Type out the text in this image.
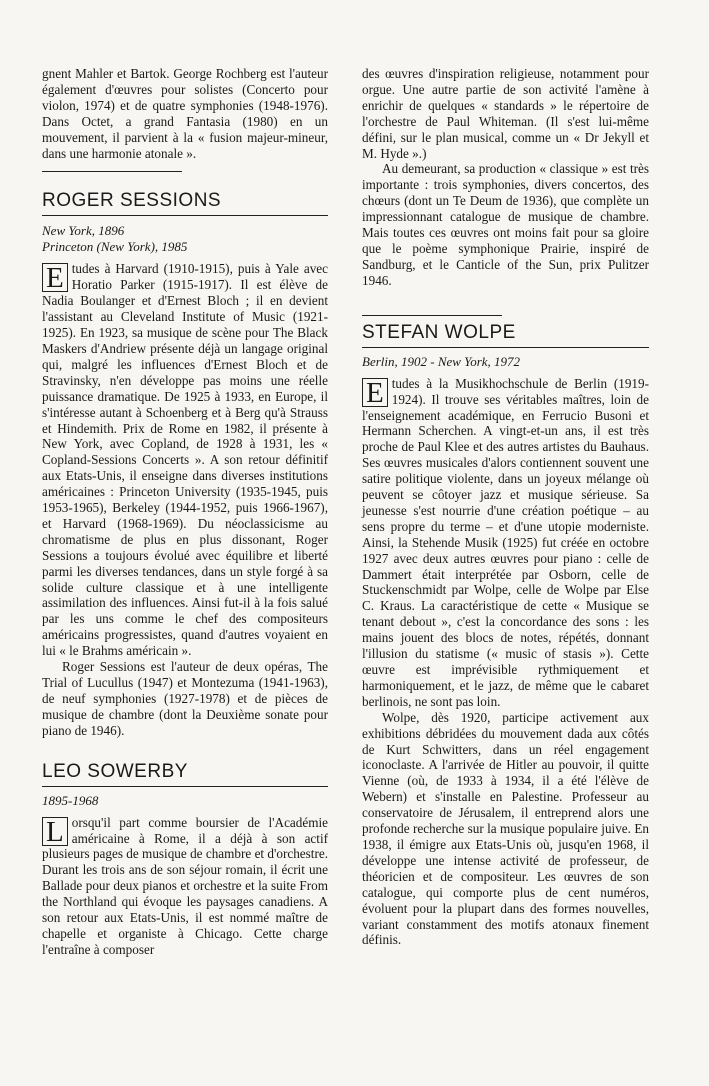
gnent Mahler et Bartok. George Rochberg est l'auteur également d'œuvres pour solistes (Concerto pour violon, 1974) et de quatre symphonies (1948-1976). Dans Octet, a grand Fantasia (1980) en un mouvement, il parvient à la « fusion majeur-mineur, dans une harmonie atonale ».

ROGER SESSIONS
New York, 1896
Princeton (New York), 1985

E tudes à Harvard (1910-1915), puis à Yale avec Horatio Parker (1915-1917). Il est élève de Nadia Boulanger et d'Ernest Bloch ; il en devient l'assistant au Cleveland Institute of Music (1921-1925). En 1923, sa musique de scène pour The Black Maskers d'Andriew présente déjà un langage original qui, malgré les influences d'Ernest Bloch et de Stravinsky, n'en développe pas moins une réelle puissance dramatique. De 1925 à 1933, en Europe, il s'intéresse autant à Schoenberg et à Berg qu'à Strauss et Hindemith. Prix de Rome en 1982, il présente à New York, avec Copland, de 1928 à 1931, les « Copland-Sessions Concerts ». A son retour définitif aux Etats-Unis, il enseigne dans diverses institutions américaines : Princeton University (1935-1945, puis 1953-1965), Berkeley (1944-1952, puis 1966-1967), et Harvard (1968-1969). Du néoclassicisme au chromatisme de plus en plus dissonant, Roger Sessions a toujours évolué avec équilibre et liberté parmi les diverses tendances, dans un style forgé à sa solide culture classique et à une intelligente assimilation des influences. Ainsi fut-il à la fois salué par les uns comme le chef des compositeurs américains progressistes, quand d'autres voyaient en lui « le Brahms américain ».

Roger Sessions est l'auteur de deux opéras, The Trial of Lucullus (1947) et Montezuma (1941-1963), de neuf symphonies (1927-1978) et de pièces de musique de chambre (dont la Deuxième sonate pour piano de 1946).

LEO SOWERBY
1895-1968

L orsqu'il part comme boursier de l'Académie américaine à Rome, il a déjà à son actif plusieurs pages de musique de chambre et d'orchestre. Durant les trois ans de son séjour romain, il écrit une Ballade pour deux pianos et orchestre et la suite From the Northland qui évoque les paysages canadiens. A son retour aux Etats-Unis, il est nommé maître de chapelle et organiste à Chicago. Cette charge l'entraîne à composer

des œuvres d'inspiration religieuse, notamment pour orgue. Une autre partie de son activité l'amène à enrichir de quelques « standards » le répertoire de l'orchestre de Paul Whiteman. (Il s'est lui-même défini, sur le plan musical, comme un « Dr Jekyll et M. Hyde ».)

Au demeurant, sa production « classique » est très importante : trois symphonies, divers concertos, des chœurs (dont un Te Deum de 1936), que complète un impressionnant catalogue de musique de chambre. Mais toutes ces œuvres ont moins fait pour sa gloire que le poème symphonique Prairie, inspiré de Sandburg, et le Canticle of the Sun, prix Pulitzer 1946.

STEFAN WOLPE
Berlin, 1902 - New York, 1972

E tudes à la Musikhochschule de Berlin (1919-1924). Il trouve ses véritables maîtres, loin de l'enseignement académique, en Ferrucio Busoni et Hermann Scherchen. A vingt-et-un ans, il est très proche de Paul Klee et des autres artistes du Bauhaus. Ses œuvres musicales d'alors contiennent souvent une satire politique violente, dans un joyeux mélange où peuvent se côtoyer jazz et musique sérieuse. Sa jeunesse s'est nourrie d'une création poétique – au sens propre du terme – et d'une utopie moderniste. Ainsi, la Stehende Musik (1925) fut créée en octobre 1927 avec deux autres œuvres pour piano : celle de Dammert était interprétée par Osborn, celle de Stuckenschmidt par Wolpe, celle de Wolpe par Else C. Kraus. La caractéristique de cette « Musique se tenant debout », c'est la concordance des sons : les mains jouent des blocs de notes, répétés, donnant l'illusion du statisme (« music of stasis »). Cette œuvre est imprévisible rythmiquement et harmoniquement, et le jazz, de même que le cabaret berlinois, ne sont pas loin.

Wolpe, dès 1920, participe activement aux exhibitions débridées du mouvement dada aux côtés de Kurt Schwitters, dans un réel engagement iconoclaste. A l'arrivée de Hitler au pouvoir, il quitte Vienne (où, de 1933 à 1934, il a été l'élève de Webern) et s'installe en Palestine. Professeur au conservatoire de Jérusalem, il entreprend alors une profonde recherche sur la musique populaire juive. En 1938, il émigre aux Etats-Unis où, jusqu'en 1968, il développe une intense activité de professeur, de théoricien et de compositeur. Les œuvres de son catalogue, qui comporte plus de cent numéros, évoluent pour la plupart dans des formes nouvelles, variant constamment des motifs atonaux finement définis.
